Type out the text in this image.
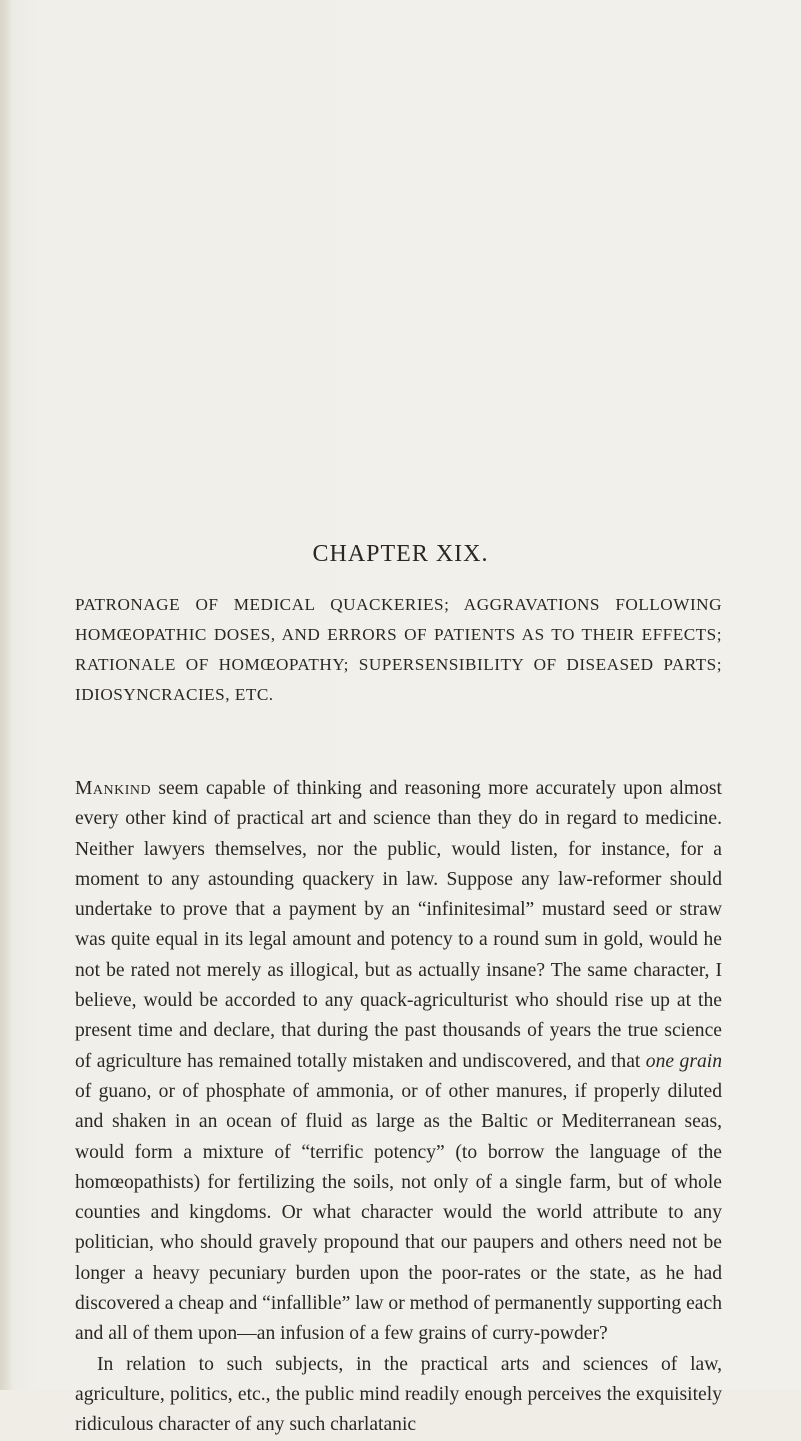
CHAPTER XIX.

PATRONAGE OF MEDICAL QUACKERIES; AGGRAVATIONS FOLLOWING HOMŒOPATHIC DOSES, AND ERRORS OF PATIENTS AS TO THEIR EFFECTS; RATIONALE OF HOMŒOPATHY; SUPERSENSIBILITY OF DISEASED PARTS; IDIOSYNCRACIES, ETC.

Mankind seem capable of thinking and reasoning more accurately upon almost every other kind of practical art and science than they do in regard to medicine. Neither lawyers themselves, nor the public, would listen, for instance, for a moment to any astounding quackery in law. Suppose any law-reformer should undertake to prove that a payment by an “infinitesimal” mustard seed or straw was quite equal in its legal amount and potency to a round sum in gold, would he not be rated not merely as illogical, but as actually insane? The same character, I believe, would be accorded to any quack-agriculturist who should rise up at the present time and declare, that during the past thousands of years the true science of agriculture has remained totally mistaken and undiscovered, and that one grain of guano, or of phosphate of ammonia, or of other manures, if properly diluted and shaken in an ocean of fluid as large as the Baltic or Mediterranean seas, would form a mixture of “terrific potency” (to borrow the language of the homœopathists) for fertilizing the soils, not only of a single farm, but of whole counties and kingdoms. Or what character would the world attribute to any politician, who should gravely propound that our paupers and others need not be longer a heavy pecuniary burden upon the poor-rates or the state, as he had discovered a cheap and “infallible” law or method of permanently supporting each and all of them upon—an infusion of a few grains of curry-powder?

In relation to such subjects, in the practical arts and sciences of law, agriculture, politics, etc., the public mind readily enough perceives the exquisitely ridiculous character of any such charlatanic
